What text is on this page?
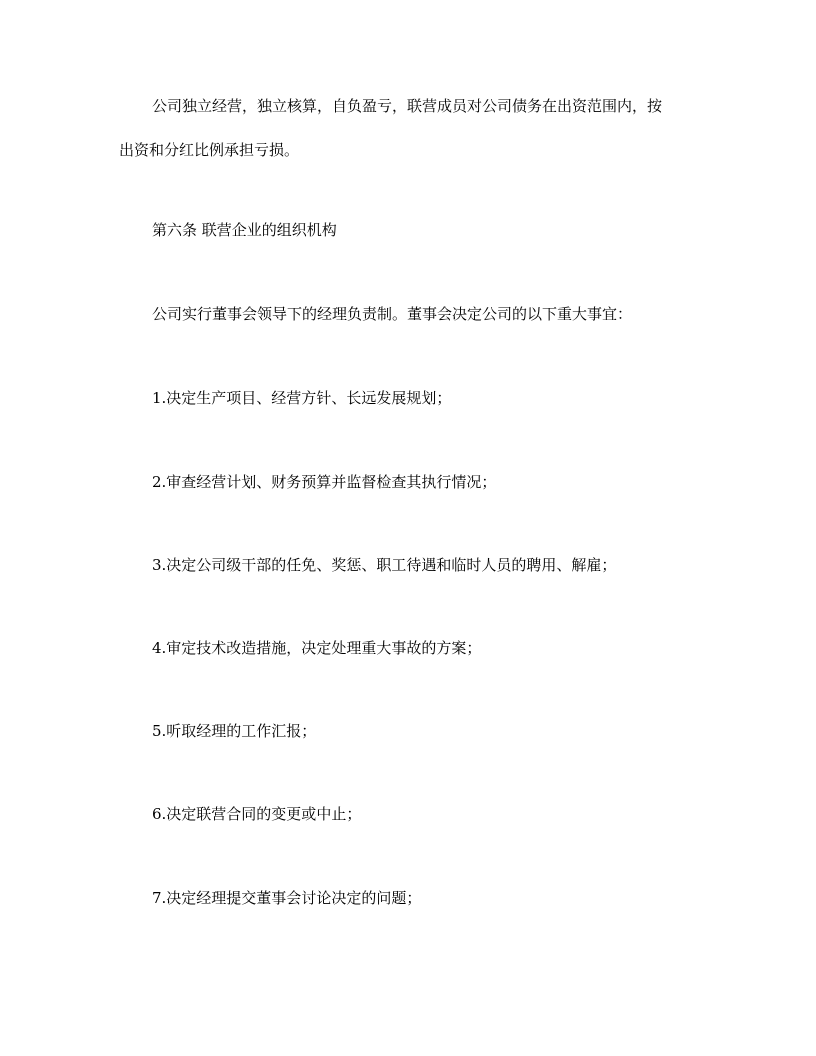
公司独立经营，独立核算，自负盈亏，联营成员对公司债务在出资范围内，按
出资和分红比例承担亏损。
第六条 联营企业的组织机构
公司实行董事会领导下的经理负责制。董事会决定公司的以下重大事宜：
1.决定生产项目、经营方针、长远发展规划；
2.审查经营计划、财务预算并监督检查其执行情况；
3.决定公司级干部的任免、奖惩、职工待遇和临时人员的聘用、解雇；
4.审定技术改造措施，决定处理重大事故的方案；
5.听取经理的工作汇报；
6.决定联营合同的变更或中止；
7.决定经理提交董事会讨论决定的问题；
